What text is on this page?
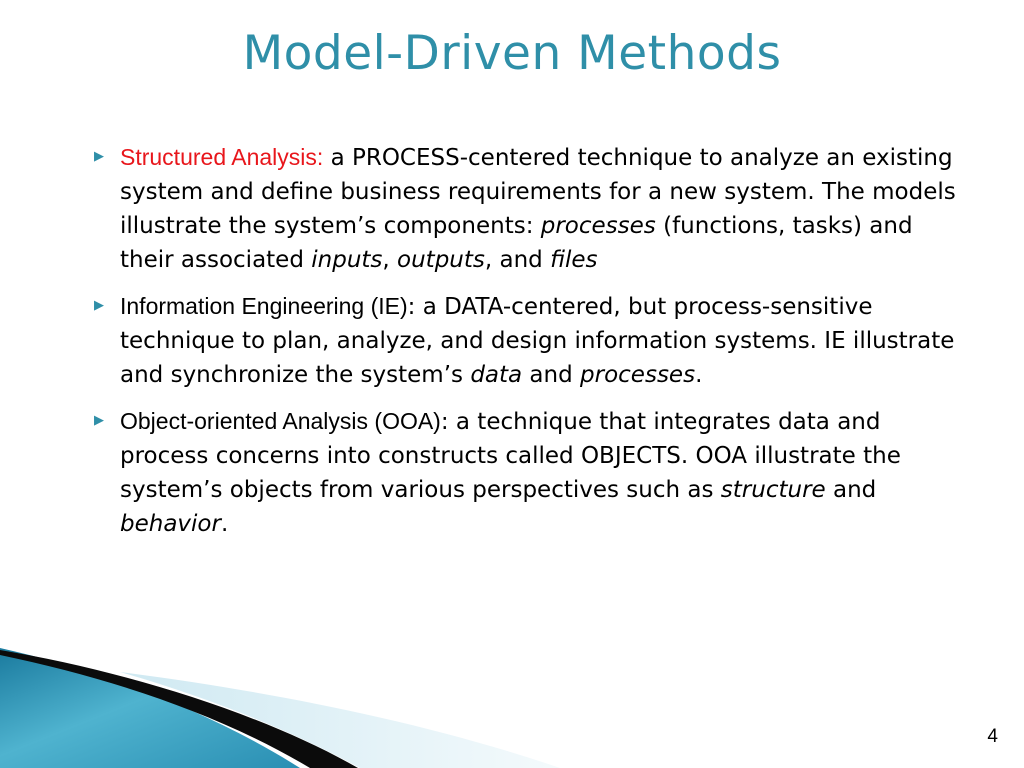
Model-Driven Methods
▶ Structured Analysis: a PROCESS-centered technique to analyze an existing system and define business requirements for a new system. The models illustrate the system’s components: processes (functions, tasks) and their associated inputs, outputs, and files
▶ Information Engineering (IE): a DATA-centered, but process-sensitive technique to plan, analyze, and design information systems. IE illustrate and synchronize the system’s data and processes.
▶ Object-oriented Analysis (OOA): a technique that integrates data and process concerns into constructs called OBJECTS. OOA illustrate the system’s objects from various perspectives such as structure and behavior.
4
